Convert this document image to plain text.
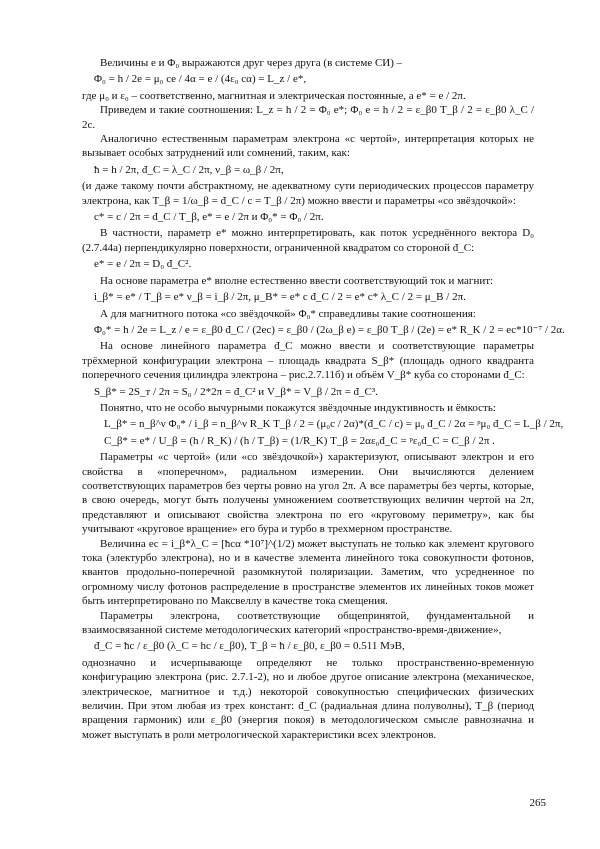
Величины e и Φ₀ выражаются друг через друга (в системе СИ) –

Φ₀ = h / 2e = μ₀ ce / 4α = e / (4ε₀ cα) = L_z / e*,

где μ₀ и ε₀ – соответственно, магнитная и электрическая постоянные, а e* = e / 2π.

Приведем и такие соотношения: L_z = h / 2 = Φ₀ e*; Φ₀ e = h / 2 = ε_β0 T_β / 2 = ε_β0 λ_C / 2c.

Аналогично естественным параметрам электрона «с чертой», интерпретация которых не вызывает особых затруднений или сомнений, таким, как:

ħ = h / 2π, đ_C = λ_C / 2π, ν_β = ω_β / 2π,

(и даже такому почти абстрактному, не адекватному сути периодических процессов параметру электрона, как T_β = 1/ω_β = đ_C / c = T_β / 2π) можно ввести и параметры «со звёздочкой»:

c* = c / 2π = đ_C / T_β, e* = e / 2π и Φ₀* = Φ₀ / 2π.

В частности, параметр e* можно интерпретировать, как поток усреднённого вектора D₀ (2.7.44а) перпендикулярно поверхности, ограниченной квадратом со стороной đ_C:

e* = e / 2π = D₀ đ_C².

На основе параметра e* вполне естественно ввести соответствующий ток и магнит:

i_β* = e* / T_β = e* ν_β = i_β / 2π, μ_B* = e* c đ_C / 2 = e* c* λ_C / 2 = μ_B / 2π.

А для магнитного потока «со звёздочкой» Φ₀* справедливы такие соотношения:

Φ₀* = h / 2e = L_z / e = ε_β0 đ_C / (2ec) = ε_β0 / (2ω_β e) = ε_β0 T_β / (2e) = e* R_K / 2 = ec*10⁻⁷ / 2α.

На основе линейного параметра đ_C можно ввести и соответствующие параметры трёхмерной конфигурации электрона – площадь квадрата S_β* (площадь одного квадранта поперечного сечения цилиндра электрона – рис.2.7.11б) и объём V_β* куба со сторонами đ_C:

S_β* = 2S_т / 2π = S₀ / 2*2π = đ_C² и V_β* = V_β / 2π = đ_C³.

Понятно, что не особо вычурными покажутся звёздочные индуктивность и ёмкость:

L_β* = n_β^ν Φ₀* / i_β = n_β^ν R_K T_β / 2 = (μ₀c / 2α)*(đ_C / c) = μ₀ đ_C / 2α = ᵖμ₀ đ_C = L_β / 2π,

C_β* = e* / U_β = (h / R_K) / (h / T_β) = (1/R_K) T_β = 2αε₀đ_C = ᵖε₀đ_C = C_β / 2π .

Параметры «с чертой» (или «со звёздочкой») характеризуют, описывают электрон и его свойства в «поперечном», радиальном измерении. Они вычисляются делением соответствующих параметров без черты ровно на угол 2π. А все параметры без черты, которые, в свою очередь, могут быть получены умножением соответствующих величин чертой на 2π, представляют и описывают свойства электрона по его «круговому периметру», как бы учитывают «круговое вращение» его бура и турбо в трехмерном пространстве.

Величина ec = i_β*λ_C = [ħcα *10⁷]^(1/2) может выступать не только как элемент кругового тока (электурбо электрона), но и в качестве элемента линейного тока совокупности фотонов, квантов продольно-поперечной разомкнутой поляризации. Заметим, что усредненное по огромному числу фотонов распределение в пространстве элементов их линейных токов может быть интерпретировано по Максвеллу в качестве тока смещения.

Параметры электрона, соответствующие общепринятой, фундаментальной и взаимосвязанной системе методологических категорий «пространство-время-движение»,

đ_C = ħc / ε_β0 (λ_C = hc / ε_β0), T_β = ħ / ε_β0, ε_β0 = 0.511 МэВ,

однозначно и исчерпывающе определяют не только пространственно-временную конфигурацию электрона (рис. 2.7.1-2), но и любое другое описание электрона (механическое, электрическое, магнитное и т.д.) некоторой совокупностью специфических физических величин. При этом любая из трех констант: đ_C (радиальная длина полуволны), T_β (период вращения гармоник) или ε_β0 (энергия покоя) в методологическом смысле равнозначна и может выступать в роли метрологической характеристики всех электронов.

265
